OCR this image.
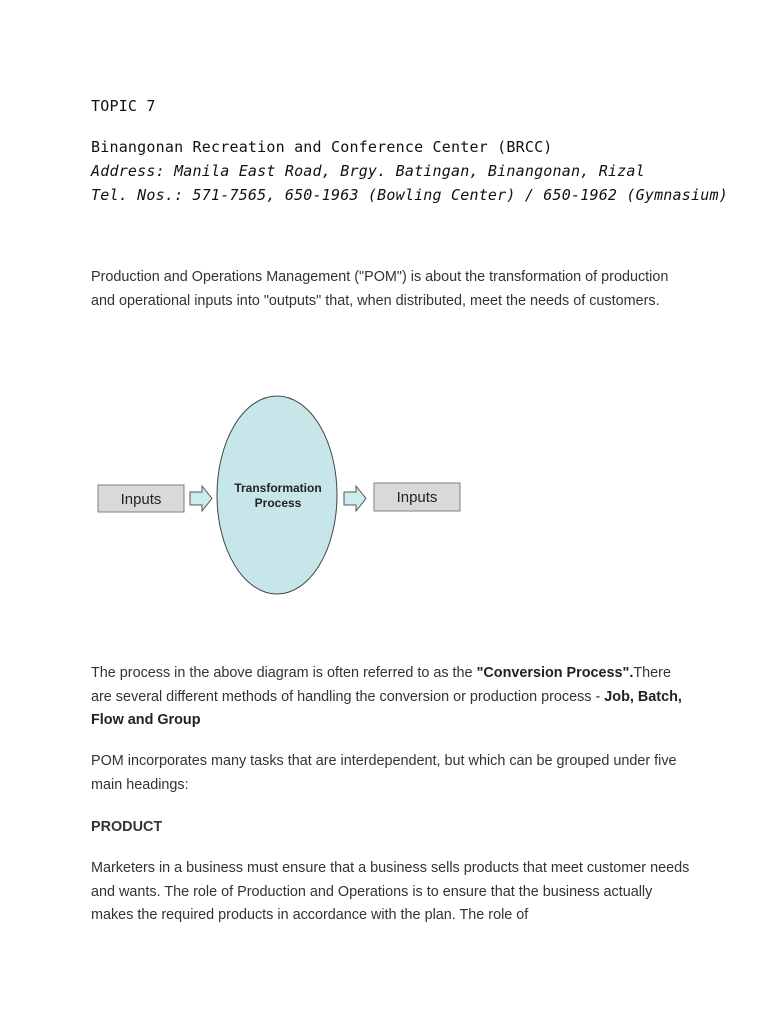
TOPIC 7
Binangonan Recreation and Conference Center (BRCC)
Address: Manila East Road, Brgy. Batingan, Binangonan, Rizal
Tel. Nos.: 571-7565, 650-1963 (Bowling Center) / 650-1962 (Gymnasium)
Production and Operations Management ("POM") is about the transformation of production and operational inputs into "outputs" that, when distributed, meet the needs of customers.
Inputs
Transformation
Process	Inputs
The process in the above diagram is often referred to as the "Conversion Process".There are several different methods of handling the conversion or production process - Job, Batch, Flow and Group
POM incorporates many tasks that are interdependent, but which can be grouped under five main headings:
PRODUCT
Marketers in a business must ensure that a business sells products that meet customer needs and wants. The role of Production and Operations is to ensure that the business actually makes the required products in accordance with the plan. The role of
